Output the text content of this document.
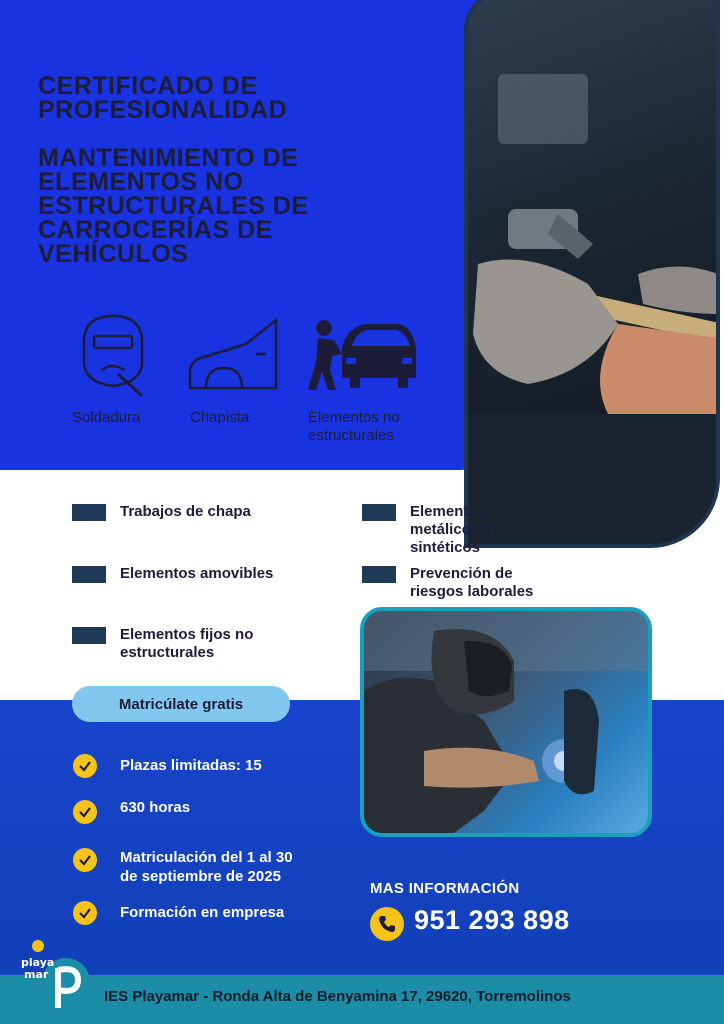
CERTIFICADO DE
PROFESIONALIDAD
MANTENIMIENTO DE
ELEMENTOS NO
ESTRUCTURALES DE
CARROCERÍAS DE
VEHÍCULOS
Soldadura	Chapista	Elementos no
estructurales
Trabajos de chapa
Elementos amovibles
Elementos fijos no
estructurales
Elementos
metálicos y
sintéticos
Prevención de
riesgos laborales
Matricúlate gratis
Plazas limitadas: 15
630 horas
Matriculación del 1 al 30
de septiembre de 2025
Formación en empresa
MAS INFORMACIÓN
951 293 898
playa
mar
IES Playamar - Ronda Alta de Benyamina 17, 29620, Torremolinos
